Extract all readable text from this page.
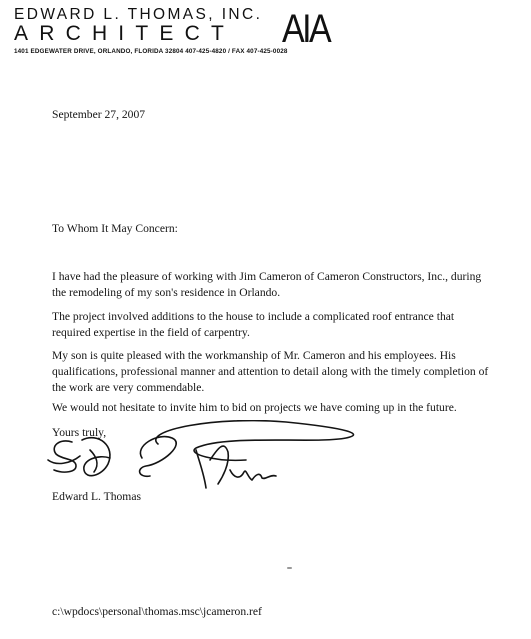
EDWARD L. THOMAS, INC.
ARCHITECT AIA
1401 EDGEWATER DRIVE, ORLANDO, FLORIDA 32804 407-425-4820 / FAX 407-425-0028
September 27, 2007
To Whom It May Concern:
I have had the pleasure of working with Jim Cameron of Cameron Constructors, Inc., during
the remodeling of my son's residence in Orlando.
The project involved additions to the house to include a complicated roof entrance that
required expertise in the field of carpentry.
My son is quite pleased with the workmanship of Mr. Cameron and his employees. His
qualifications, professional manner and attention to detail along with the timely completion of
the work are very commendable.
We would not hesitate to invite him to bid on projects we have coming up in the future.
Yours truly,
Edward L. Thomas
c:\wpdocs\personal\thomas.msc\jcameron.ref
